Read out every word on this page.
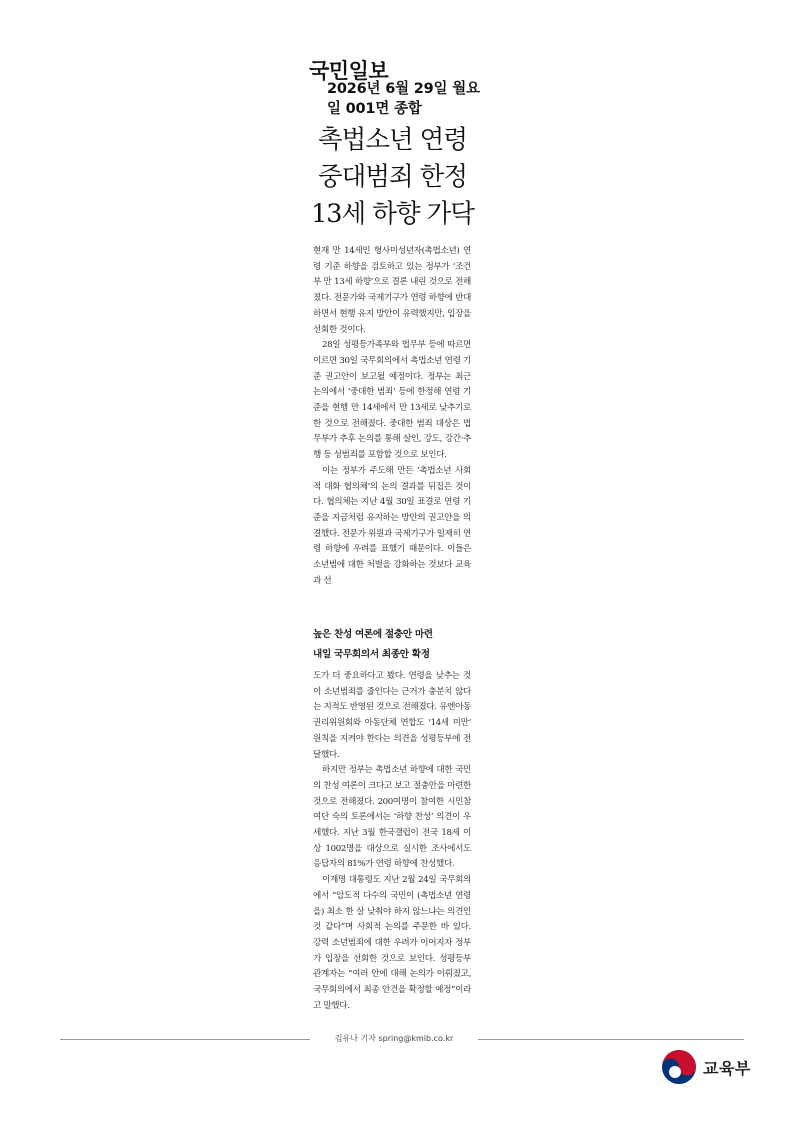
국민일보
2026년 6월 29일 월요일 001면 종합
촉법소년 연령
중대범죄 한정
13세 하향 가닥

현재 만 14세인 형사미성년자(촉법소년) 연령 기준 하향을 검토하고 있는 정부가 ‘조건부 만 13세 하향’으로 결론 내린 것으로 전해졌다. 전문가와 국제기구가 연령 하향에 반대하면서 현행 유지 방안이 유력했지만, 입장을 선회한 것이다.

28일 성평등가족부와 법무부 등에 따르면 이르면 30일 국무회의에서 촉법소년 연령 기준 권고안이 보고될 예정이다. 정부는 최근 논의에서 ‘중대한 범죄’ 등에 한정해 연령 기준을 현행 만 14세에서 만 13세로 낮추기로 한 것으로 전해졌다. 중대한 범죄 대상은 법무부가 추후 논의를 통해 살인, 강도, 강간·추행 등 성범죄를 포함할 것으로 보인다.

이는 정부가 주도해 만든 ‘촉법소년 사회적 대화 협의체’의 논의 결과를 뒤집은 것이다. 협의체는 지난 4월 30일 표결로 연령 기준을 지금처럼 유지하는 방안의 권고안을 의결했다. 전문가 위원과 국제기구가 일제히 연령 하향에 우려를 표했기 때문이다. 이들은 소년범에 대한 처벌을 강화하는 것보다 교육과 선

높은 찬성 여론에 절충안 마련
내일 국무회의서 최종안 확정

도가 더 중요하다고 봤다. 연령을 낮추는 것이 소년범죄를 줄인다는 근거가 충분치 않다는 지적도 반영된 것으로 전해졌다. 유엔아동권리위원회와 아동단체 연합도 ‘14세 미만’ 원칙을 지켜야 한다는 의견을 성평등부에 전달했다.

하지만 정부는 촉법소년 하향에 대한 국민의 찬성 여론이 크다고 보고 절충안을 마련한 것으로 전해졌다. 200여명이 참여한 시민참여단 숙의 토론에서는 ‘하향 찬성’ 의견이 우세했다. 지난 3월 한국갤럽이 전국 18세 이상 1002명을 대상으로 실시한 조사에서도 응답자의 81%가 연령 하향에 찬성했다.

이재명 대통령도 지난 2월 24일 국무회의에서 “압도적 다수의 국민이 (촉법소년 연령을) 최소 한 살 낮춰야 하지 않느냐는 의견인 것 같다”며 사회적 논의를 주문한 바 있다. 강력 소년범죄에 대한 우려가 이어지자 정부가 입장을 선회한 것으로 보인다. 성평등부 관계자는 “여러 안에 대해 논의가 이뤄졌고, 국무회의에서 최종 안건을 확정할 예정”이라고 말했다.

김유나 기자 spring@kmib.co.kr
교육부
